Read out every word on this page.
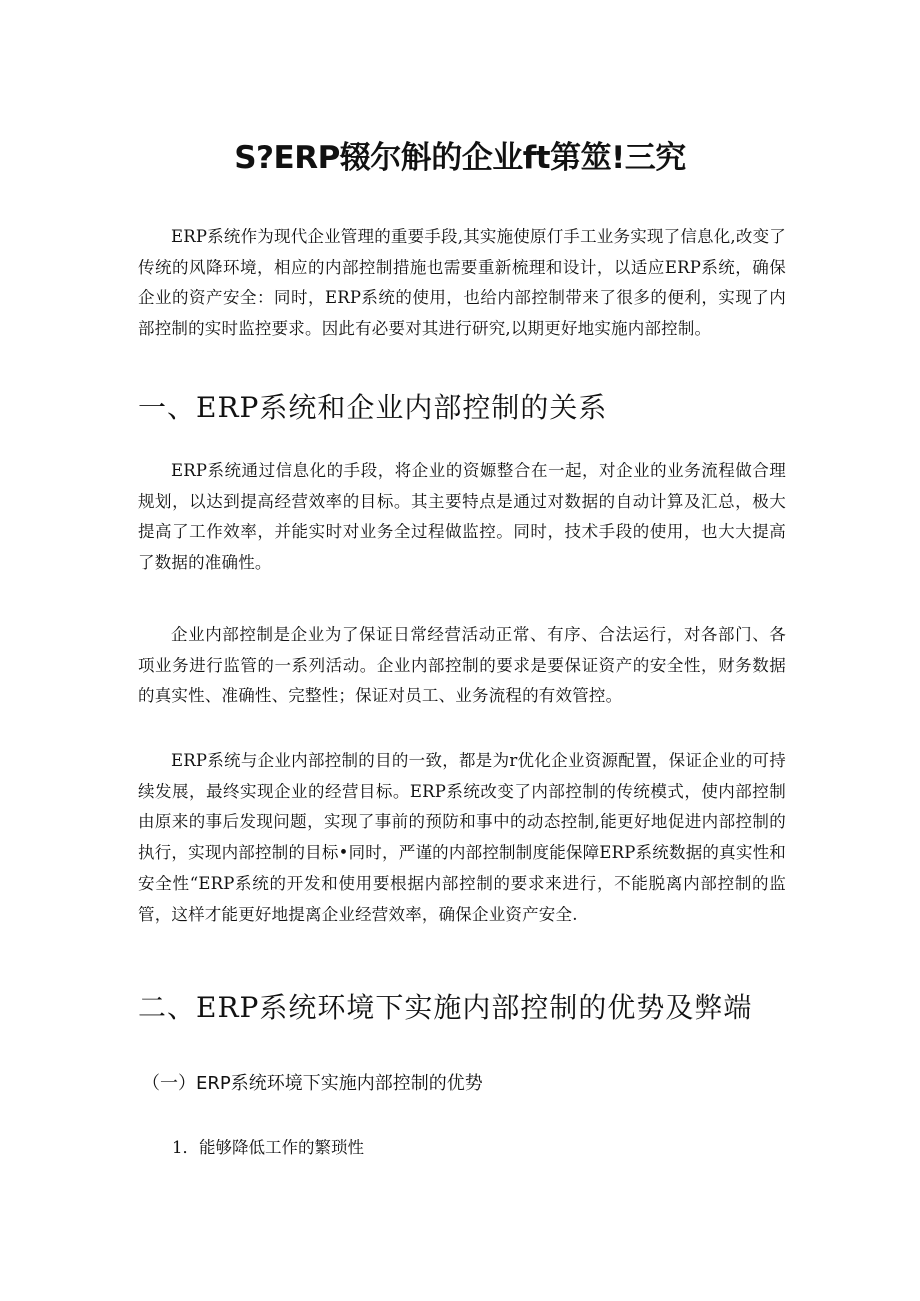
S?ERP辍尔斛的企业ft第筮!三究

ERP系统作为现代企业管理的重要手段,其实施使原仃手工业务实现了信息化,改变了传统的风降环境，相应的内部控制措施也需要重新梳理和设计，以适应ERP系统，确保企业的资产安全：同时，ERP系统的使用，也给内部控制带来了很多的便利，实现了内部控制的实时监控要求。因此有必要对其进行研究,以期更好地实施内部控制。

一、ERP系统和企业内部控制的关系

ERP系统通过信息化的手段，将企业的资嫄整合在一起，对企业的业务流程做合理规划，以达到提高经营效率的目标。其主要特点是通过对数据的自动计算及汇总，极大提高了工作效率，并能实时对业务全过程做监控。同时，技术手段的使用，也大大提高了数据的准确性。

企业内部控制是企业为了保证日常经营活动正常、有序、合法运行，对各部门、各项业务进行监管的一系列活动。企业内部控制的要求是要保证资产的安全性，财务数据的真实性、准确性、完整性；保证对员工、业务流程的有效管控。

ERP系统与企业内部控制的目的一致，都是为r优化企业资源配置，保证企业的可持续发展，最终实现企业的经营目标。ERP系统改变了内部控制的传统模式，使内部控制由原来的事后发现问题，实现了事前的预防和事中的动态控制,能更好地促进内部控制的执行，实现内部控制的目标•同时，严谨的内部控制制度能保障ERP系统数据的真实性和安全性“ERP系统的开发和使用要根据内部控制的要求来进行，不能脱离内部控制的监管，这样才能更好地提离企业经营效率，确保企业资产安全.

二、ERP系统环境下实施内部控制的优势及弊端
（一）ERP系统环境下实施内部控制的优势

1．能够降低工作的繁琐性
